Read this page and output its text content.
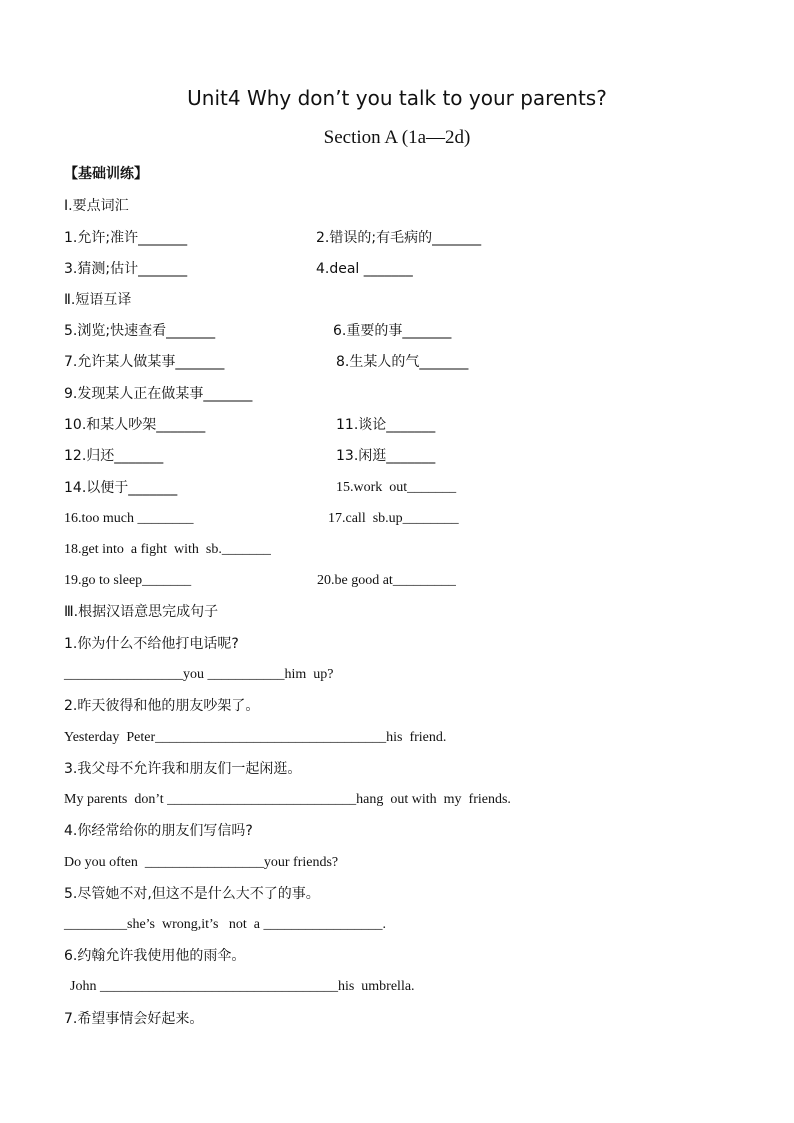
Unit4 Why don’t you talk to your parents?
Section A (1a—2d)
【基础训练】
Ⅰ.要点词汇
1.允许;准许_______	2.错误的;有毛病的_______
3.猜测;估计_______	4.deal _______
Ⅱ.短语互译
5.浏览;快速查看_______	6.重要的事_______
7.允许某人做某事_______	8.生某人的气_______
9.发现某人正在做某事_______
10.和某人吵架_______	11.谈论_______
12.归还_______	13.闲逛_______
14.以便于_______	15.work  out_______
16.too much ________	17.call  sb.up________
18.get into  a fight  with  sb._______
19.go to sleep_______	20.be good at_________
Ⅲ.根据汉语意思完成句子
1.你为什么不给他打电话呢?
_________________you ___________him  up?
2.昨天彼得和他的朋友吵架了。
Yesterday  Peter_________________________________his  friend.
3.我父母不允许我和朋友们一起闲逛。
My parents  don’t ___________________________hang  out with  my  friends.
4.你经常给你的朋友们写信吗?
Do you often  _________________your friends?
5.尽管她不对,但这不是什么大不了的事。
_________she’s  wrong,it’s   not  a _________________.
6.约翰允许我使用他的雨伞。
John __________________________________his  umbrella.
7.希望事情会好起来。
